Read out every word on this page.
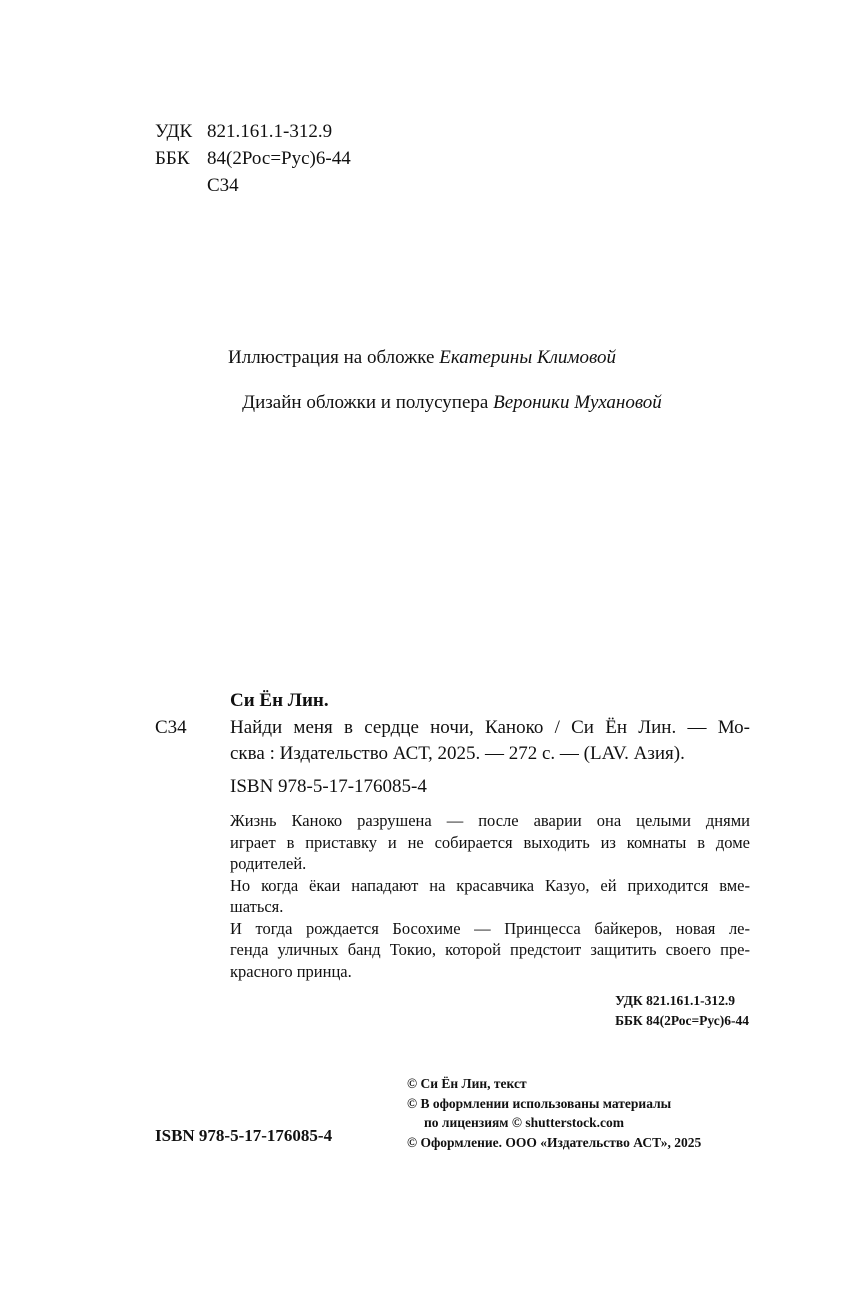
УДК 821.161.1-312.9
ББК 84(2Рос=Рус)6-44
С34
Иллюстрация на обложке Екатерины Климовой
Дизайн обложки и полусупера Вероники Мухановой
Си Ён Лин.
С34 Найди меня в сердце ночи, Каноко / Си Ён Лин. — Мо-
сква : Издательство АСТ, 2025. — 272 с. — (LAV. Азия).
ISBN 978-5-17-176085-4
Жизнь Каноко разрушена — после аварии она целыми днями
играет в приставку и не собирается выходить из комнаты в доме
родителей.
Но когда ёкаи нападают на красавчика Казуо, ей приходится вме-
шаться.
И тогда рождается Босохиме — Принцесса байкеров, новая ле-
генда уличных банд Токио, которой предстоит защитить своего пре-
красного принца.
УДК 821.161.1-312.9
ББК 84(2Рос=Рус)6-44
© Си Ён Лин, текст
© В оформлении использованы материалы
по лицензиям © shutterstock.com
© Оформление. ООО «Издательство АСТ», 2025
ISBN 978-5-17-176085-4
